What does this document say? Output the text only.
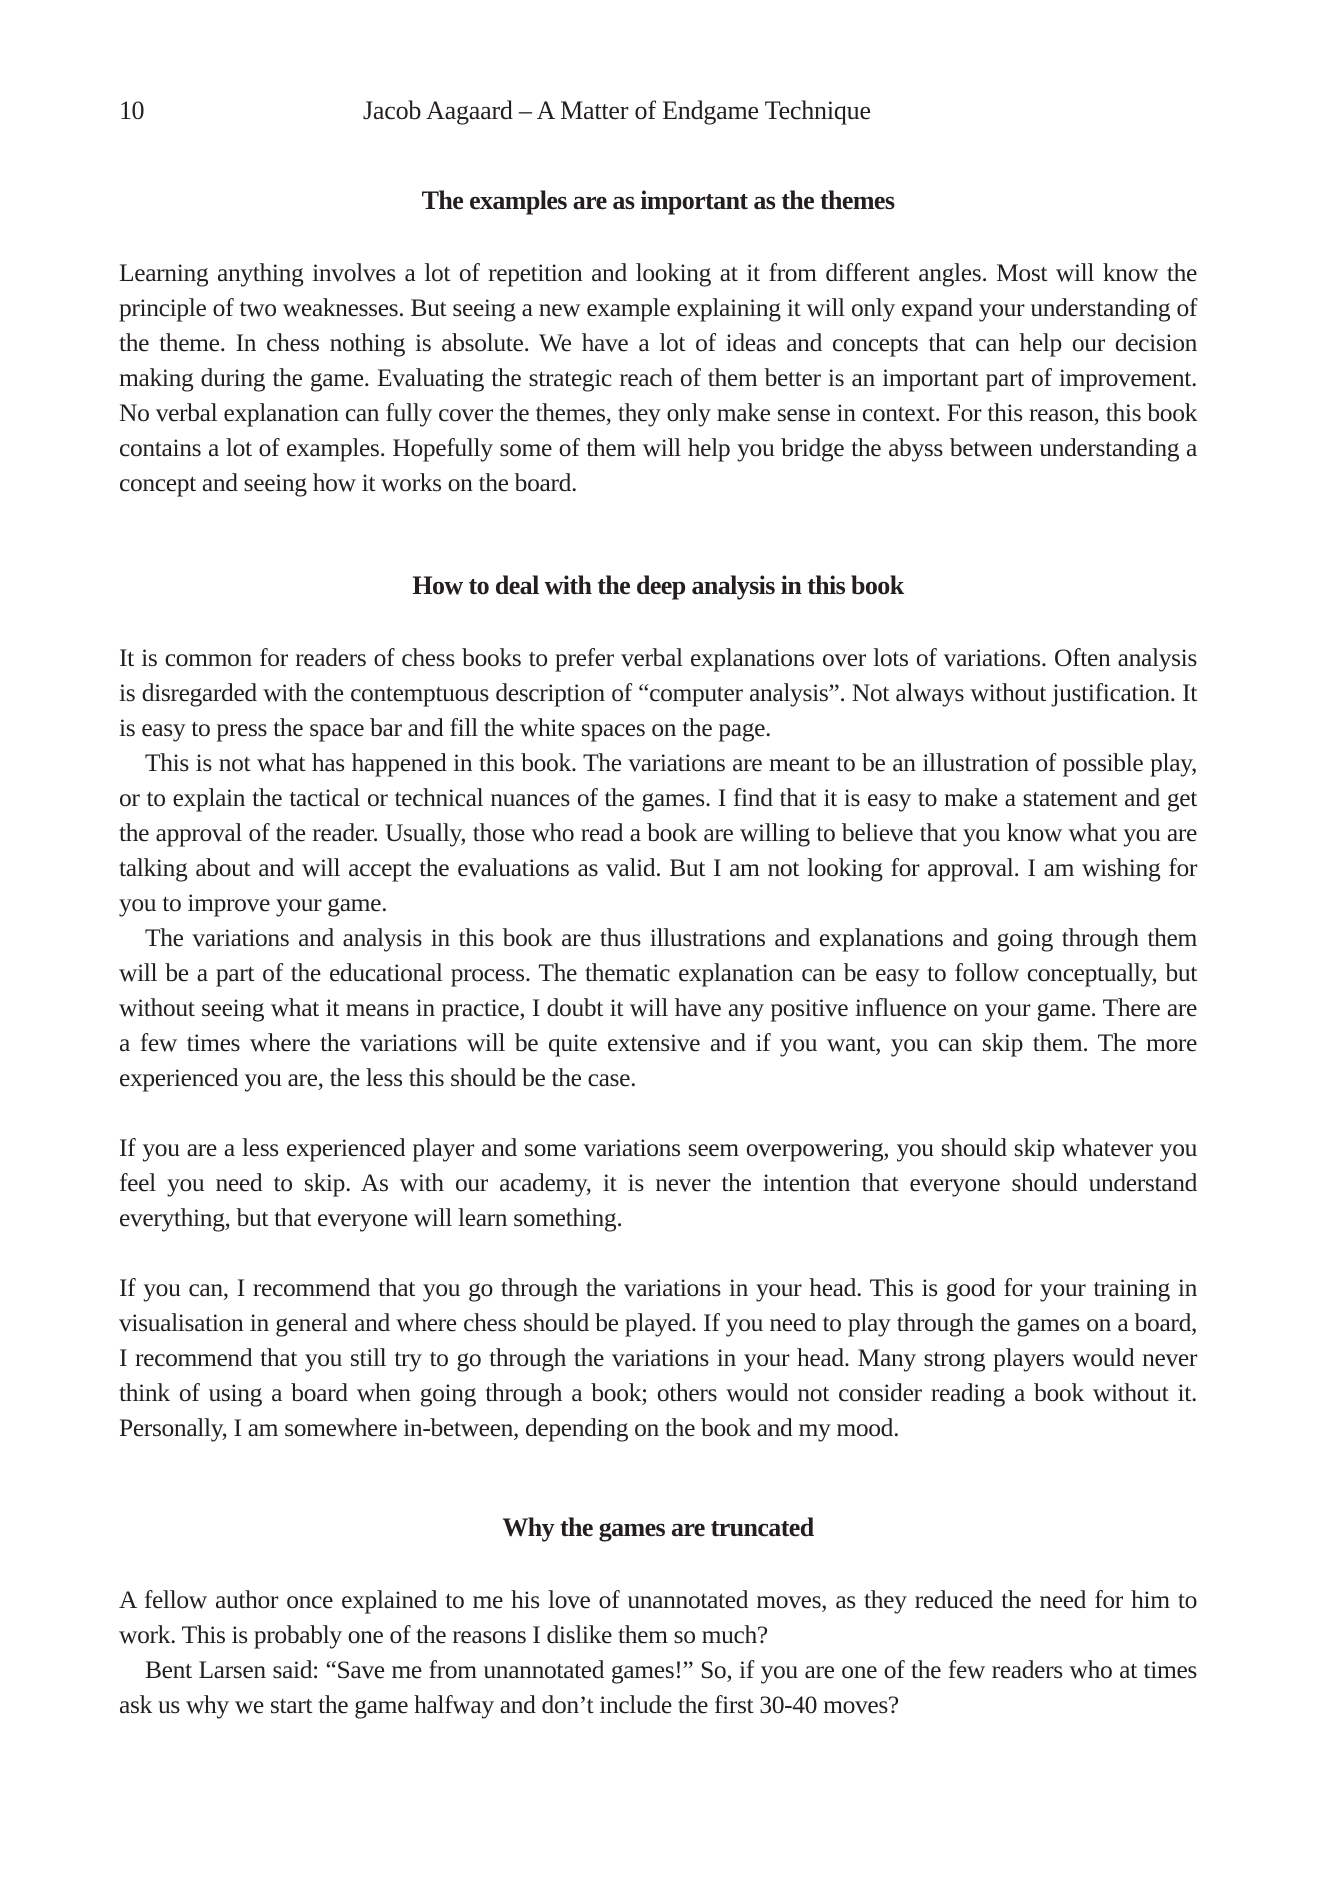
10	Jacob Aagaard – A Matter of Endgame Technique
The examples are as important as the themes

Learning anything involves a lot of repetition and looking at it from different angles. Most will know the principle of two weaknesses. But seeing a new example explaining it will only expand your understanding of the theme. In chess nothing is absolute. We have a lot of ideas and concepts that can help our decision making during the game. Evaluating the strategic reach of them better is an important part of improvement. No verbal explanation can fully cover the themes, they only make sense in context. For this reason, this book contains a lot of examples. Hopefully some of them will help you bridge the abyss between understanding a concept and seeing how it works on the board.

How to deal with the deep analysis in this book

It is common for readers of chess books to prefer verbal explanations over lots of variations. Often analysis is disregarded with the contemptuous description of “computer analysis”. Not always without justification. It is easy to press the space bar and fill the white spaces on the page.

This is not what has happened in this book. The variations are meant to be an illustration of possible play, or to explain the tactical or technical nuances of the games. I find that it is easy to make a statement and get the approval of the reader. Usually, those who read a book are willing to believe that you know what you are talking about and will accept the evaluations as valid. But I am not looking for approval. I am wishing for you to improve your game.

The variations and analysis in this book are thus illustrations and explanations and going through them will be a part of the educational process. The thematic explanation can be easy to follow conceptually, but without seeing what it means in practice, I doubt it will have any positive influence on your game. There are a few times where the variations will be quite extensive and if you want, you can skip them. The more experienced you are, the less this should be the case.

If you are a less experienced player and some variations seem overpowering, you should skip whatever you feel you need to skip. As with our academy, it is never the intention that everyone should understand everything, but that everyone will learn something.

If you can, I recommend that you go through the variations in your head. This is good for your training in visualisation in general and where chess should be played. If you need to play through the games on a board, I recommend that you still try to go through the variations in your head. Many strong players would never think of using a board when going through a book; others would not consider reading a book without it. Personally, I am somewhere in-between, depending on the book and my mood.

Why the games are truncated

A fellow author once explained to me his love of unannotated moves, as they reduced the need for him to work. This is probably one of the reasons I dislike them so much?

Bent Larsen said: “Save me from unannotated games!” So, if you are one of the few readers who at times ask us why we start the game halfway and don’t include the first 30-40 moves?
